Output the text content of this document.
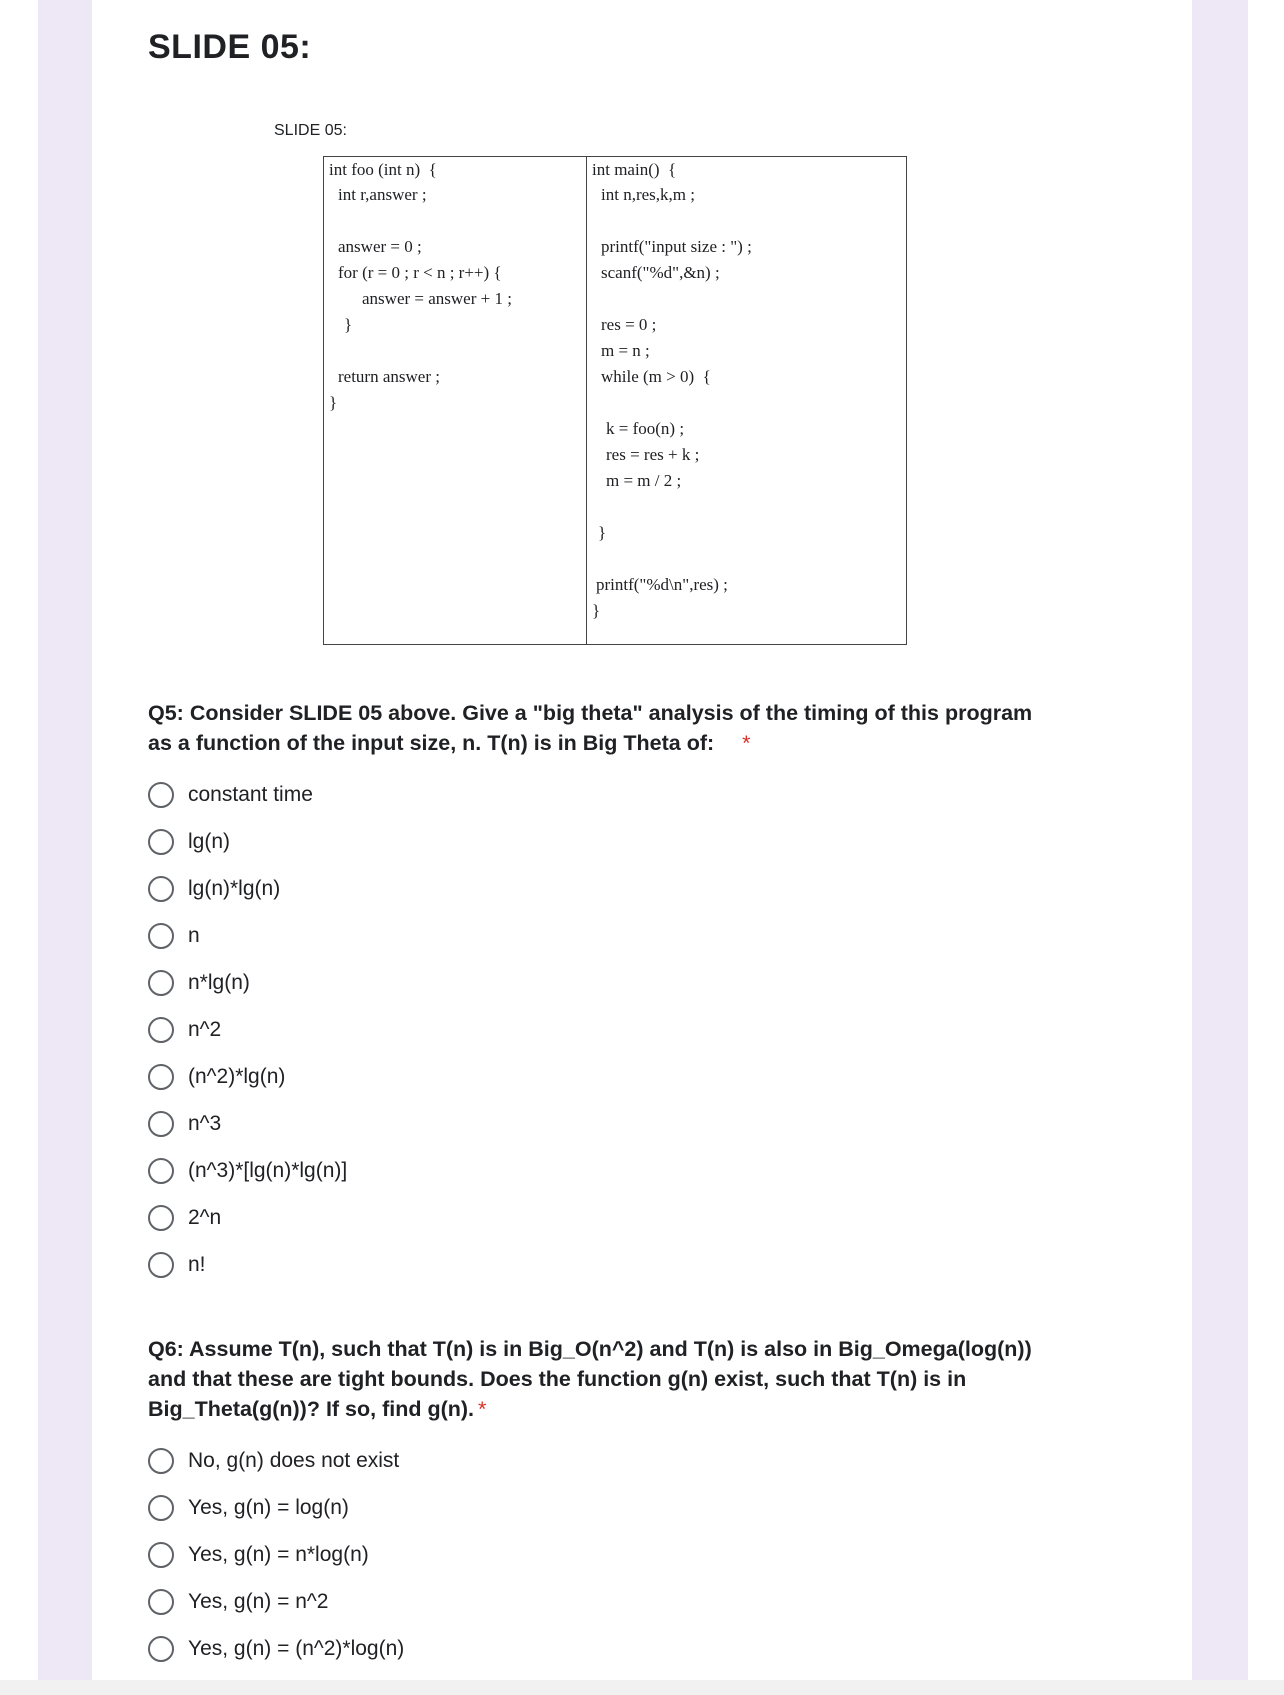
SLIDE 05:
SLIDE 05:
int foo (int n)  {
int r,answer ;
answer = 0 ;
for (r = 0 ; r < n ; r++) {
answer = answer + 1 ;
}
return answer ;
}
int main()  {
int n,res,k,m ;
printf("input size : ") ;
scanf("%d",&n) ;
res = 0 ;
m = n ;
while (m > 0)  {
k = foo(n) ;
res = res + k ;
m = m / 2 ;
}
printf("%d\n",res) ;
}
Q5: Consider SLIDE 05 above. Give a "big theta" analysis of the timing of this program
as a function of the input size, n. T(n) is in Big Theta of: *
constant time
lg(n)
lg(n)*lg(n)
n
n*lg(n)
n^2
(n^2)*lg(n)
n^3
(n^3)*[lg(n)*lg(n)]
2^n
n!
Q6: Assume T(n), such that T(n) is in Big_O(n^2) and T(n) is also in Big_Omega(log(n))
and that these are tight bounds. Does the function g(n) exist, such that T(n) is in
Big_Theta(g(n))? If so, find g(n). *
No, g(n) does not exist
Yes, g(n) = log(n)
Yes, g(n) = n*log(n)
Yes, g(n) = n^2
Yes, g(n) = (n^2)*log(n)
